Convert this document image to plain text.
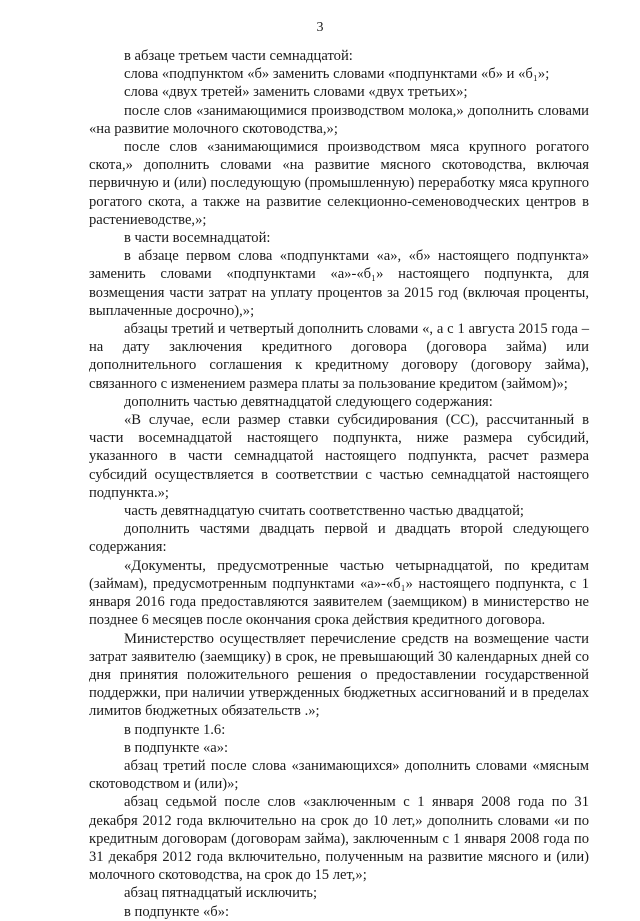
3

в абзаце третьем части семнадцатой:

слова «подпунктом «б» заменить словами «подпунктами «б» и «б₁»;

слова «двух третей» заменить словами «двух третьих»;

после слов «занимающимися производством молока,» дополнить словами «на развитие молочного скотоводства,»;

после слов «занимающимися производством мяса крупного рогатого скота,» дополнить словами «на развитие мясного скотоводства, включая первичную и (или) последующую (промышленную) переработку мяса крупного рогатого скота, а также на развитие селекционно-семеноводческих центров в растениеводстве,»;

в части восемнадцатой:

в абзаце первом слова «подпунктами «а», «б» настоящего подпункта» заменить словами «подпунктами «а»-«б₁» настоящего подпункта, для возмещения части затрат на уплату процентов за 2015 год (включая проценты, выплаченные досрочно),»;

абзацы третий и четвертый дополнить словами «, а с 1 августа 2015 года – на дату заключения кредитного договора (договора займа) или дополнительного соглашения к кредитному договору (договору займа), связанного с изменением размера платы за пользование кредитом (займом)»;

дополнить частью девятнадцатой следующего содержания:

«В случае, если размер ставки субсидирования (СС), рассчитанный в части восемнадцатой настоящего подпункта, ниже размера субсидий, указанного в части семнадцатой настоящего подпункта, расчет размера субсидий осуществляется в соответствии с частью семнадцатой настоящего подпункта.»;

часть девятнадцатую считать соответственно частью двадцатой;

дополнить частями двадцать первой и двадцать второй следующего содержания:

«Документы, предусмотренные частью четырнадцатой, по кредитам (займам), предусмотренным подпунктами «а»-«б₁» настоящего подпункта, с 1 января 2016 года предоставляются заявителем (заемщиком) в министерство не позднее 6 месяцев после окончания срока действия кредитного договора.

Министерство осуществляет перечисление средств на возмещение части затрат заявителю (заемщику) в срок, не превышающий 30 календарных дней со дня принятия положительного решения о предоставлении государственной поддержки, при наличии утвержденных бюджетных ассигнований и в пределах лимитов бюджетных обязательств .»;

в подпункте 1.6:

в подпункте «а»:

абзац третий после слова «занимающихся» дополнить словами «мясным скотоводством и (или)»;

абзац седьмой после слов «заключенным с 1 января 2008 года по 31 декабря 2012 года включительно на срок до 10 лет,» дополнить словами «и по кредитным договорам (договорам займа), заключенным с 1 января 2008 года по 31 декабря 2012 года включительно, полученным на развитие мясного и (или) молочного скотоводства, на срок до 15 лет,»;

абзац пятнадцатый исключить;

в подпункте «б»:
